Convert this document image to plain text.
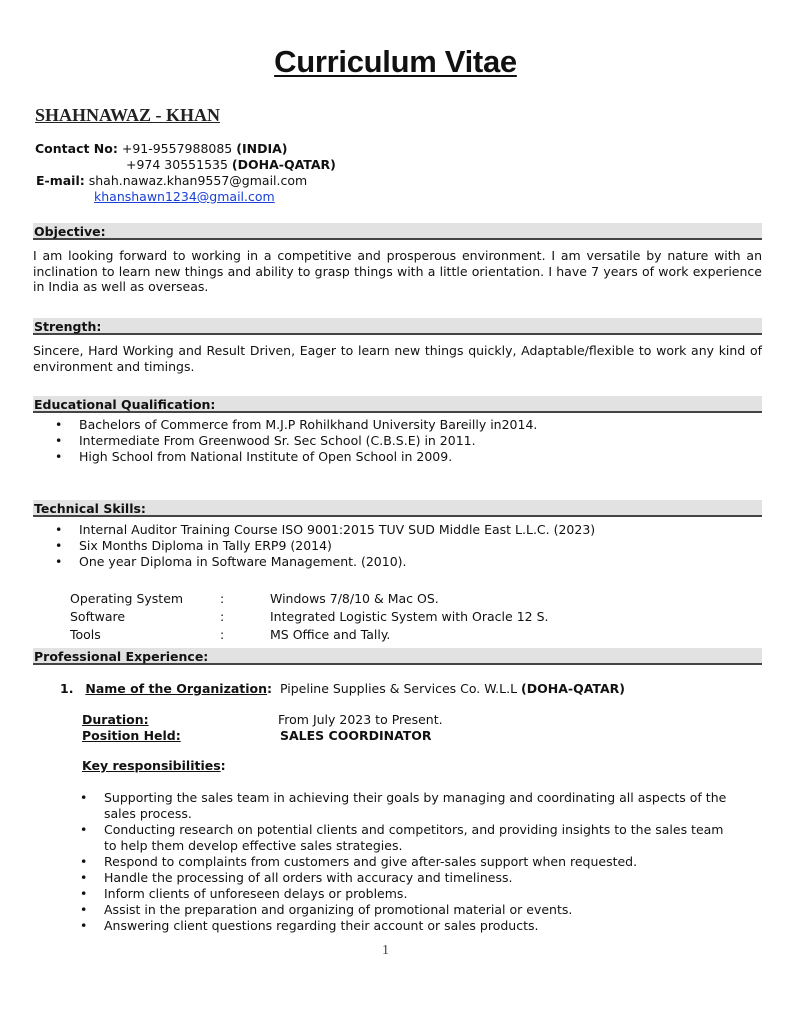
Curriculum Vitae
SHAHNAWAZ - KHAN
Contact No: +91-9557988085 (INDIA)
+974 30551535 (DOHA-QATAR)
E-mail: shah.nawaz.khan9557@gmail.com
khanshawn1234@gmail.com
Objective:
I am looking forward to working in a competitive and prosperous environment. I am versatile by nature with an inclination to learn new things and ability to grasp things with a little orientation. I have 7 years of work experience in India as well as overseas.
Strength:
Sincere, Hard Working and Result Driven, Eager to learn new things quickly, Adaptable/flexible to work any kind of environment and timings.
Educational Qualification:
• Bachelors of Commerce from M.J.P Rohilkhand University Bareilly in2014.
• Intermediate From Greenwood Sr. Sec School (C.B.S.E) in 2011.
• High School from National Institute of Open School in 2009.
Technical Skills:
• Internal Auditor Training Course ISO 9001:2015 TUV SUD Middle East L.L.C. (2023)
• Six Months Diploma in Tally ERP9 (2014)
• One year Diploma in Software Management. (2010).
Operating System	:	Windows 7/8/10 & Mac OS.
Software	:	Integrated Logistic System with Oracle 12 S.
Tools	:	MS Office and Tally.
Professional Experience:
1. Name of the Organization: Pipeline Supplies & Services Co. W.L.L (DOHA-QATAR)
Duration:	From July 2023 to Present.
Position Held:	SALES COORDINATOR
Key responsibilities:
• Supporting the sales team in achieving their goals by managing and coordinating all aspects of the sales process.
• Conducting research on potential clients and competitors, and providing insights to the sales team to help them develop effective sales strategies.
• Respond to complaints from customers and give after-sales support when requested.
• Handle the processing of all orders with accuracy and timeliness.
• Inform clients of unforeseen delays or problems.
• Assist in the preparation and organizing of promotional material or events.
• Answering client questions regarding their account or sales products.
1
